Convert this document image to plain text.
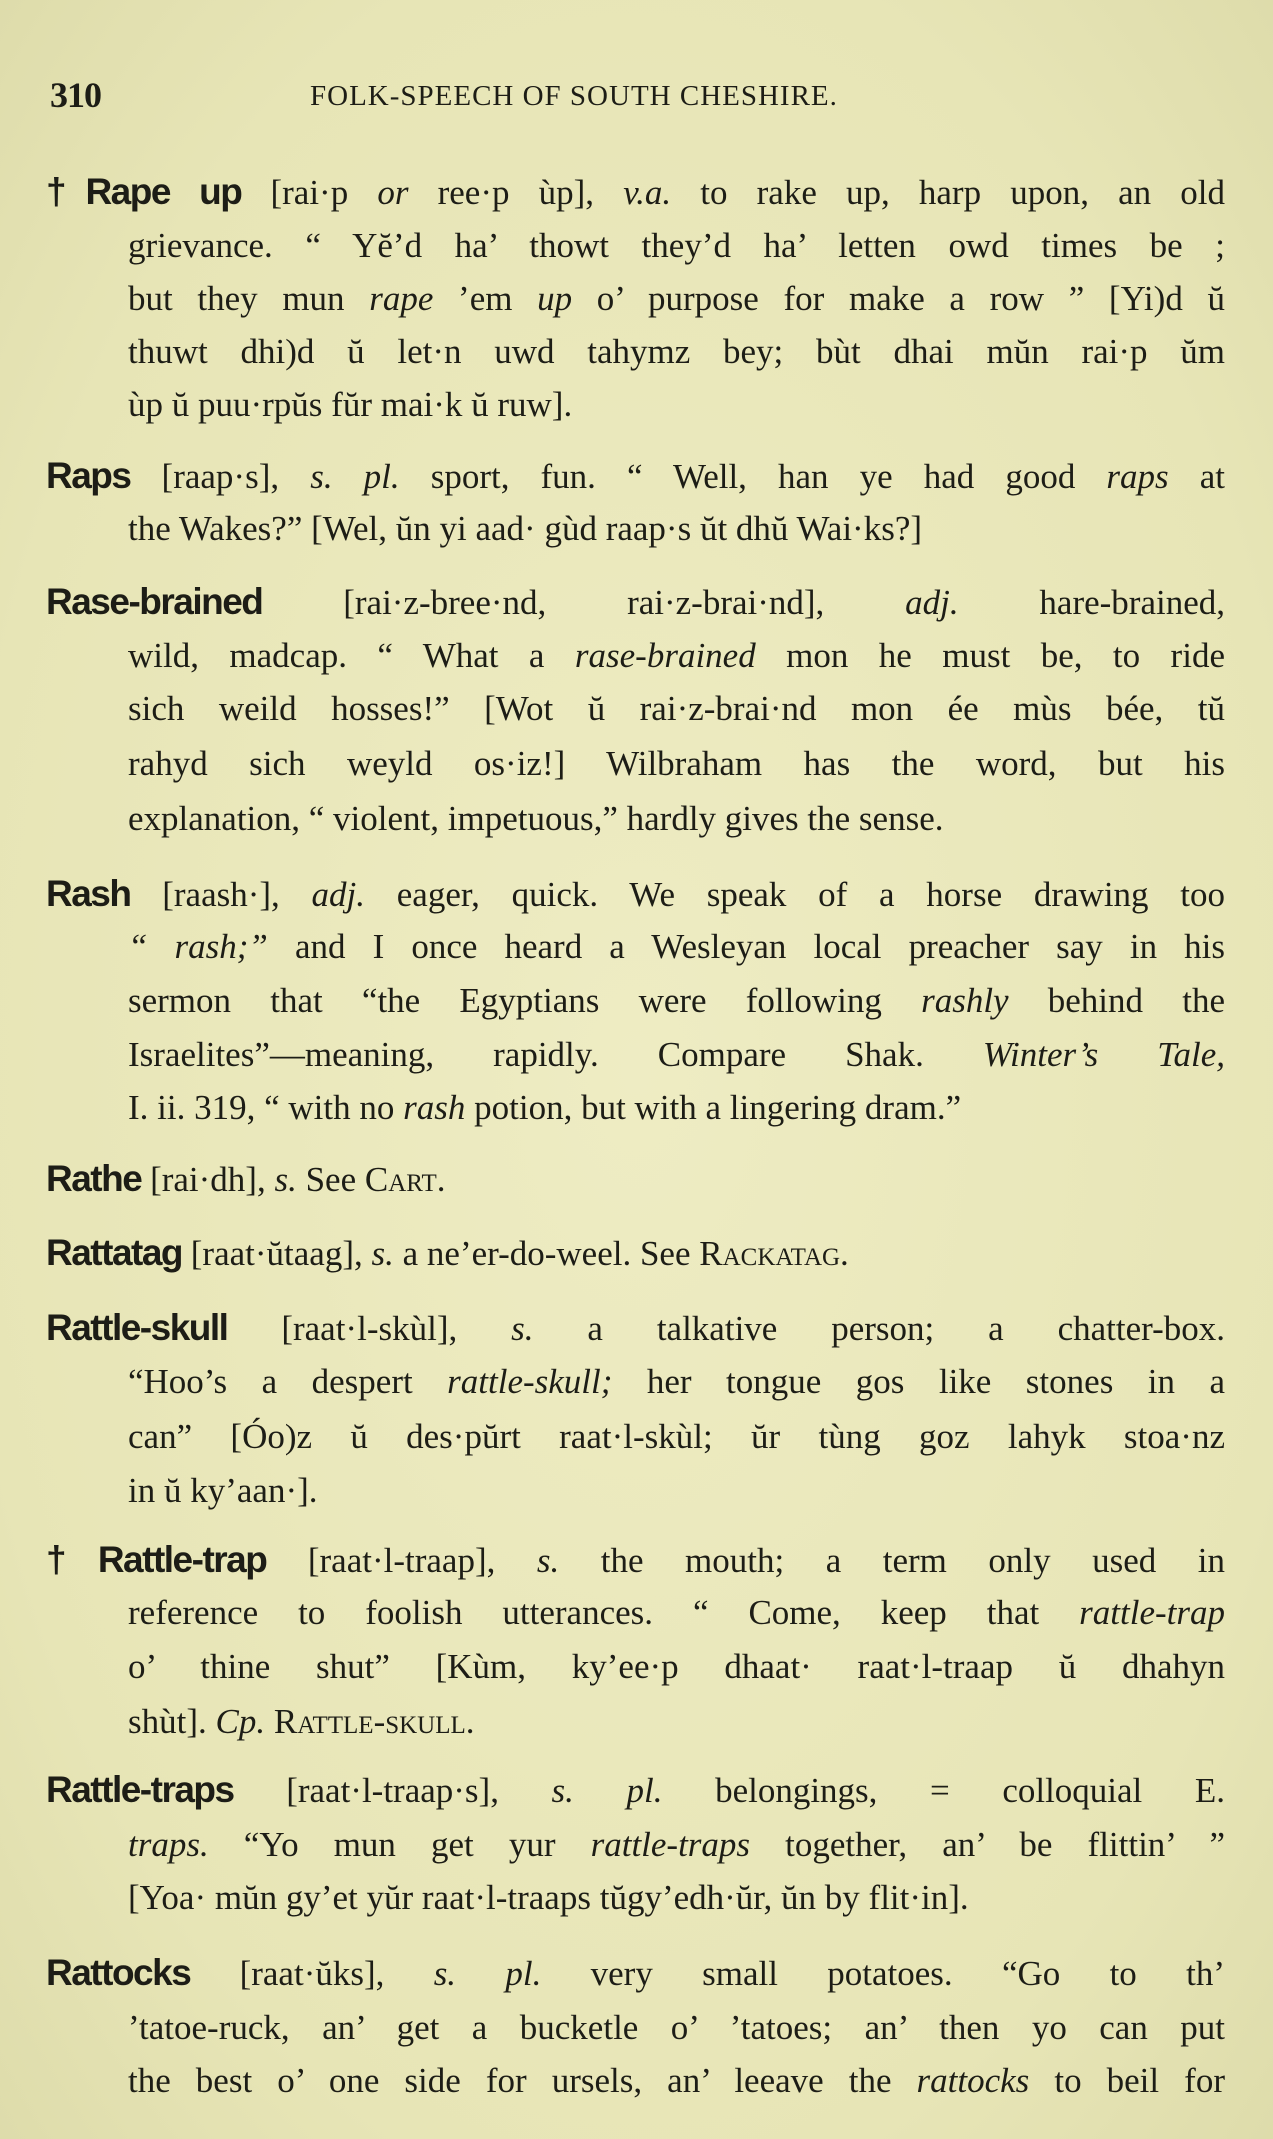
310	FOLK-SPEECH OF SOUTH CHESHIRE.
†Rape up [rai·p or ree·p ùp], v.a. to rake up, harp upon, an old
grievance. “ Yĕ’d ha’ thowt they’d ha’ letten owd times be ;
but they mun rape ’em up o’ purpose for make a row ” [Yi)d ŭ
thuwt dhi)d ŭ let·n uwd tahymz bey; bùt dhai mŭn rai·p ŭm
ùp ŭ puu·rpŭs fŭr mai·k ŭ ruw].
Raps [raap·s], s. pl. sport, fun. “ Well, han ye had good raps at
the Wakes?” [Wel, ŭn yi aad· gùd raap·s ŭt dhŭ Wai·ks?]
Rase-brained [rai·z-bree·nd, rai·z-brai·nd], adj. hare-brained,
wild, madcap. “ What a rase-brained mon he must be, to ride
sich weild hosses!” [Wot ŭ rai·z-brai·nd mon ée mùs bée, tŭ
rahyd sich weyld os·iz!] Wilbraham has the word, but his
explanation, “ violent, impetuous,” hardly gives the sense.
Rash [raash·], adj. eager, quick. We speak of a horse drawing too
“ rash;” and I once heard a Wesleyan local preacher say in his
sermon that “the Egyptians were following rashly behind the
Israelites”—meaning, rapidly. Compare Shak. Winter’s Tale,
I. ii. 319, “ with no rash potion, but with a lingering dram.”
Rathe [rai·dh], s. See Cart.
Rattatag [raat·ŭtaag], s. a ne’er-do-weel. See Rackatag.
Rattle-skull [raat·l-skùl], s. a talkative person; a chatter-box.
“Hoo’s a despert rattle-skull; her tongue gos like stones in a
can” [Óo)z ŭ des·pŭrt raat·l-skùl; ŭr tùng goz lahyk stoa·nz
in ŭ ky’aan·].
†Rattle-trap [raat·l-traap], s. the mouth; a term only used in
reference to foolish utterances. “ Come, keep that rattle-trap
o’ thine shut” [Kùm, ky’ee·p dhaat· raat·l-traap ŭ dhahyn
shùt]. Cp. Rattle-skull.
Rattle-traps [raat·l-traap·s], s. pl. belongings, = colloquial E.
traps. “Yo mun get yur rattle-traps together, an’ be flittin’ ”
[Yoa· mŭn gy’et yŭr raat·l-traaps tŭgy’edh·ŭr, ŭn by flit·in].
Rattocks [raat·ŭks], s. pl. very small potatoes. “Go to th’
’tatoe-ruck, an’ get a bucketle o’ ’tatoes; an’ then yo can put
the best o’ one side for ursels, an’ leeave the rattocks to beil for
